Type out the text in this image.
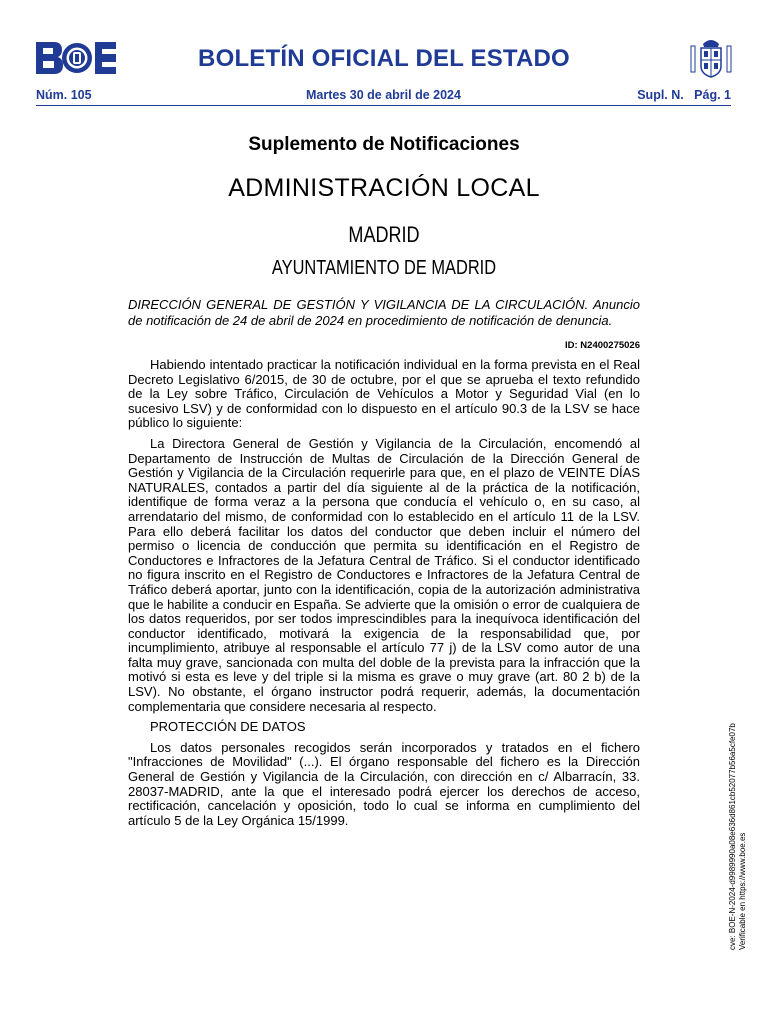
BOLETÍN OFICIAL DEL ESTADO
Núm. 105	Martes 30 de abril de 2024	Supl. N.   Pág. 1
Suplemento de Notificaciones
ADMINISTRACIÓN LOCAL
MADRID
AYUNTAMIENTO DE MADRID
DIRECCIÓN GENERAL DE GESTIÓN Y VIGILANCIA DE LA CIRCULACIÓN. Anuncio de notificación de 24 de abril de 2024 en procedimiento de notificación de denuncia.
ID: N2400275026

Habiendo intentado practicar la notificación individual en la forma prevista en el Real Decreto Legislativo 6/2015, de 30 de octubre, por el que se aprueba el texto refundido de la Ley sobre Tráfico, Circulación de Vehículos a Motor y Seguridad Vial (en lo sucesivo LSV) y de conformidad con lo dispuesto en el artículo 90.3 de la LSV se hace público lo siguiente:

La Directora General de Gestión y Vigilancia de la Circulación, encomendó al Departamento de Instrucción de Multas de Circulación de la Dirección General de Gestión y Vigilancia de la Circulación requerirle para que, en el plazo de VEINTE DÍAS NATURALES, contados a partir del día siguiente al de la práctica de la notificación, identifique de forma veraz a la persona que conducía el vehículo o, en su caso, al arrendatario del mismo, de conformidad con lo establecido en el artículo 11 de la LSV. Para ello deberá facilitar los datos del conductor que deben incluir el número del permiso o licencia de conducción que permita su identificación en el Registro de Conductores e Infractores de la Jefatura Central de Tráfico. Si el conductor identificado no figura inscrito en el Registro de Conductores e Infractores de la Jefatura Central de Tráfico deberá aportar, junto con la identificación, copia de la autorización administrativa que le habilite a conducir en España. Se advierte que la omisión o error de cualquiera de los datos requeridos, por ser todos imprescindibles para la inequívoca identificación del conductor identificado, motivará la exigencia de la responsabilidad que, por incumplimiento, atribuye al responsable el artículo 77 j) de la LSV como autor de una falta muy grave, sancionada con multa del doble de la prevista para la infracción que la motivó si esta es leve y del triple si la misma es grave o muy grave (art. 80 2 b) de la LSV). No obstante, el órgano instructor podrá requerir, además, la documentación complementaria que considere necesaria al respecto.

PROTECCIÓN DE DATOS

Los datos personales recogidos serán incorporados y tratados en el fichero "Infracciones de Movilidad" (...). El órgano responsable del fichero es la Dirección General de Gestión y Vigilancia de la Circulación, con dirección en c/ Albarracín, 33. 28037-MADRID, ante la que el interesado podrá ejercer los derechos de acceso, rectificación, cancelación y oposición, todo lo cual se informa en cumplimiento del artículo 5 de la Ley Orgánica 15/1999.	cve: BOE-N-2024-d9989990a08e636d861cb52077b56a5cfe07b Verificable en https://www.boe.es
